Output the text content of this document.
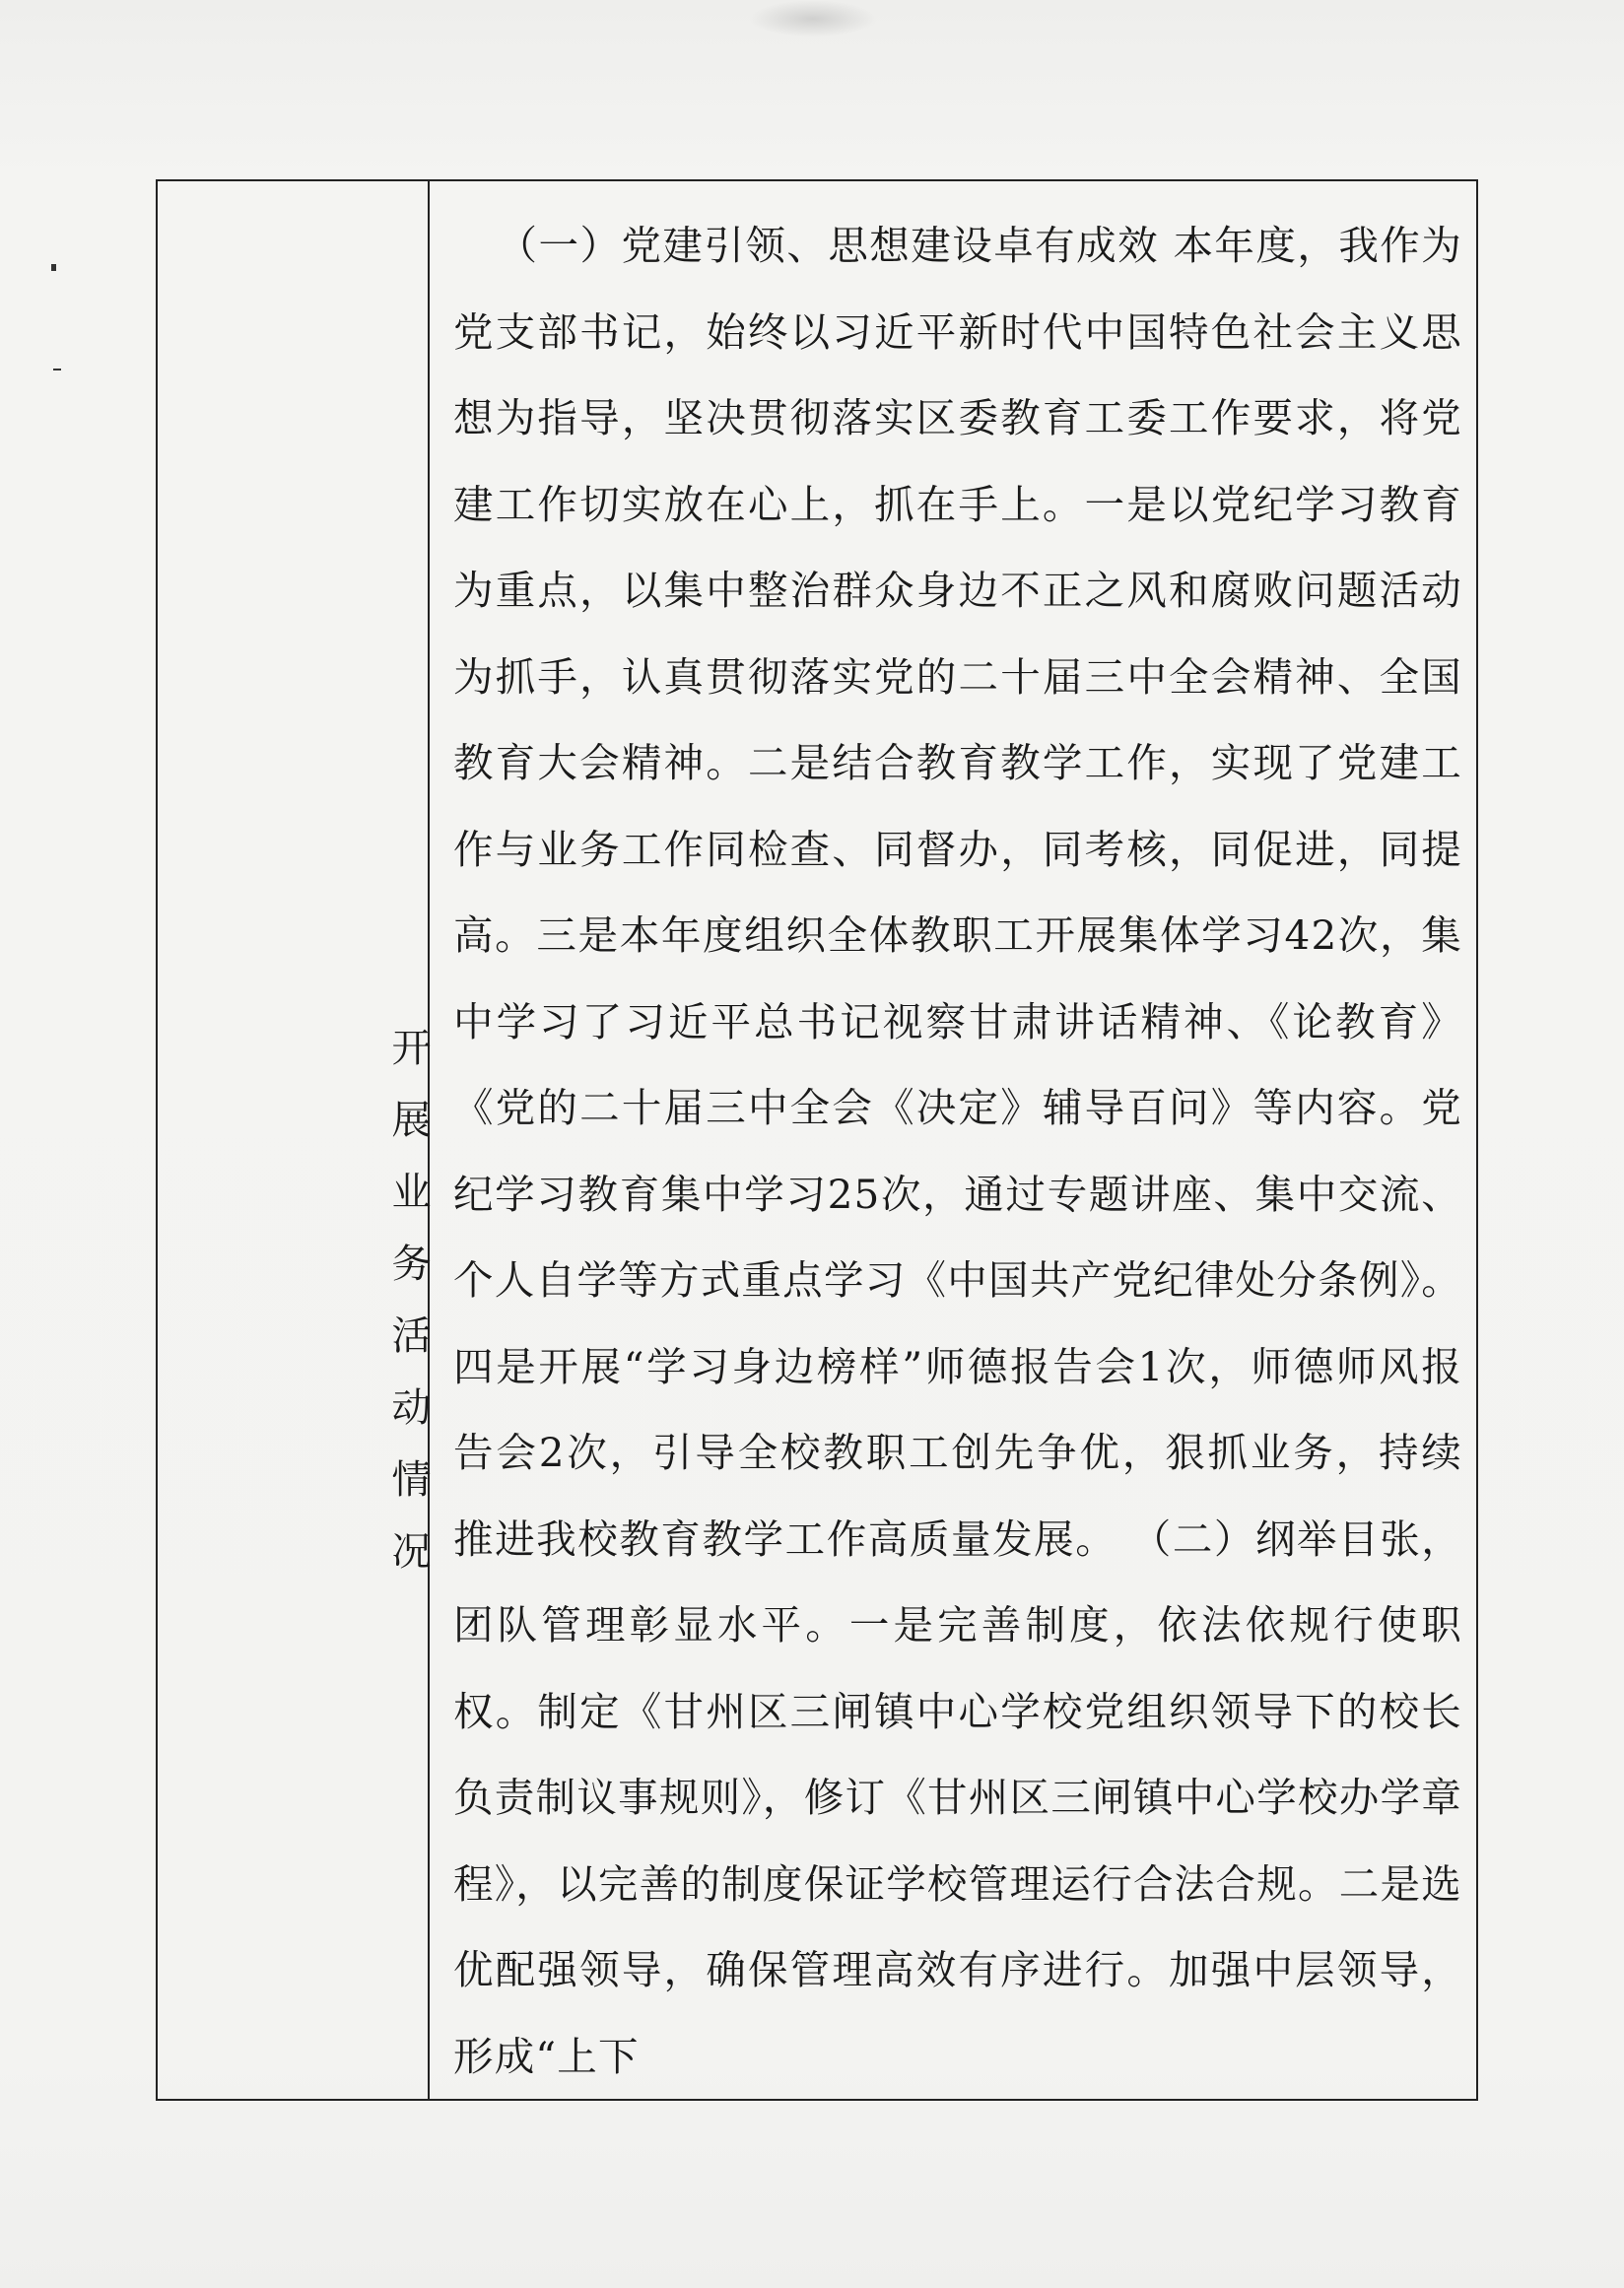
开展业务活动情况

（一）党建引领、思想建设卓有成效 本年度，我作为党支部书记，始终以习近平新时代中国特色社会主义思想为指导，坚决贯彻落实区委教育工委工作要求，将党建工作切实放在心上，抓在手上。一是以党纪学习教育为重点，以集中整治群众身边不正之风和腐败问题活动为抓手，认真贯彻落实党的二十届三中全会精神、全国教育大会精神。二是结合教育教学工作，实现了党建工作与业务工作同检查、同督办，同考核，同促进，同提高。三是本年度组织全体教职工开展集体学习42次，集中学习了习近平总书记视察甘肃讲话精神、《论教育》《党的二十届三中全会《决定》辅导百问》等内容。党纪学习教育集中学习25次，通过专题讲座、集中交流、个人自学等方式重点学习《中国共产党纪律处分条例》。四是开展“学习身边榜样”师德报告会1次，师德师风报告会2次，引导全校教职工创先争优，狠抓业务，持续推进我校教育教学工作高质量发展。 （二）纲举目张，团队管理彰显水平。一是完善制度，依法依规行使职权。制定《甘州区三闸镇中心学校党组织领导下的校长负责制议事规则》，修订《甘州区三闸镇中心学校办学章程》，以完善的制度保证学校管理运行合法合规。二是选优配强领导，确保管理高效有序进行。加强中层领导，形成“上下
